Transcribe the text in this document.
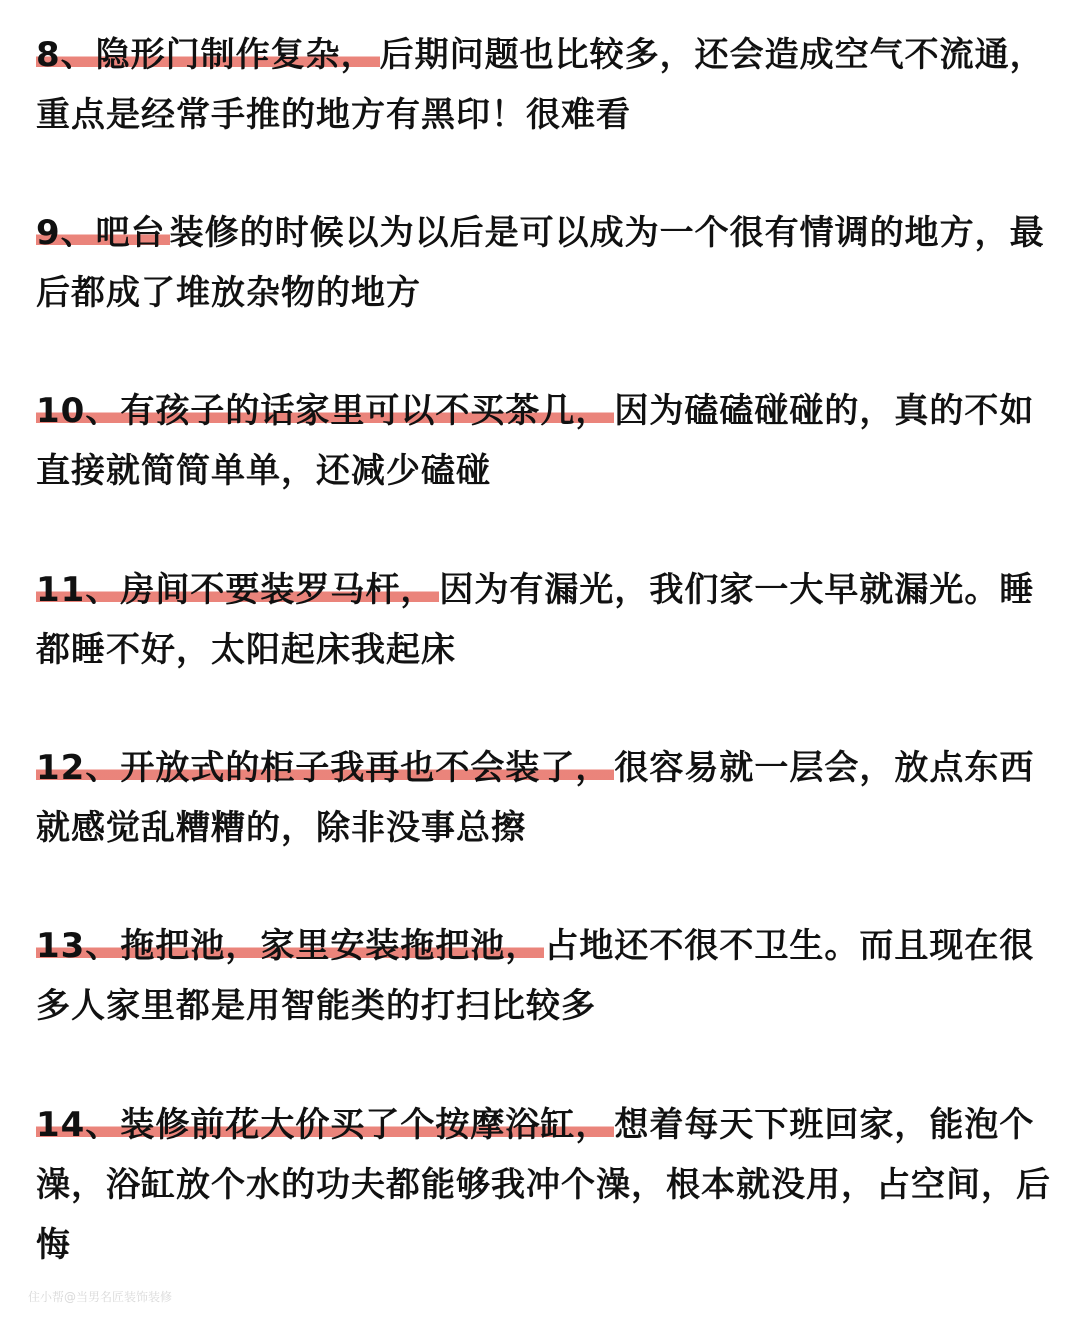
8、隐形门制作复杂， 后期问题也比较多，还会造成空气不流通，重点是经常手推的地方有黑印！很难看
9、吧台 装修的时候以为以后是可以成为一个很有情调的地方，最后都成了堆放杂物的地方
10、有孩子的话家里可以不买茶几， 因为磕磕碰碰的，真的不如直接就简简单单，还减少磕碰
11、房间不要装罗马杆， 因为有漏光，我们家一大早就漏光。睡都睡不好，太阳起床我起床
12、开放式的柜子我再也不会装了， 很容易就一层会，放点东西就感觉乱糟糟的，除非没事总擦
13、拖把池，家里安装拖把池， 占地还不很不卫生。而且现在很多人家里都是用智能类的打扫比较多
14、装修前花大价买了个按摩浴缸， 想着每天下班回家，能泡个澡，浴缸放个水的功夫都能够我冲个澡，根本就没用，占空间，后悔
住小帮@当男名匠装饰装修
